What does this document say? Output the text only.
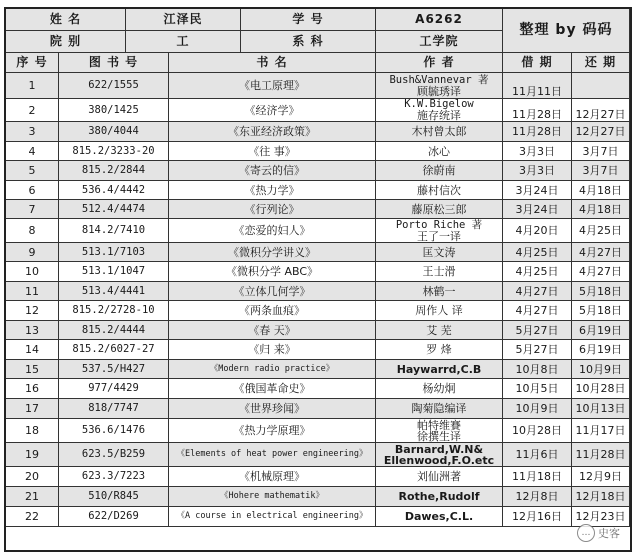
姓 名	江泽民	学 号	A6262
院 别	工	系 科	工学院
整理 by 码码
序 号	图 书 号	书 名	作 者	借 期	还 期
1	622/1555	《电工原理》	Bush&Vannevar 著
顾毓琇译	11月11日
2	380/1425	《经济学》	K.W.Bigelow
施存统译	11月28日	12月27日
3	380/4044	《东亚经济政策》	木村曾太郎	11月28日	12月27日
4	815.2/3233-20	《往 事》	冰心	3月3日	3月7日
5	815.2/2844	《寄云的信》	徐蔚南	3月3日	3月7日
6	536.4/4442	《热力学》	藤村信次	3月24日	4月18日
7	512.4/4474	《行列论》	藤原松三郎	3月24日	4月18日
8	814.2/7410	《恋爱的妇人》	Porto Riche 著
王了一译	4月20日	4月25日
9	513.1/7103	《微积分学讲义》	匡文涛	4月25日	4月27日
10	513.1/1047	《微积分学 ABC》	王士滑	4月25日	4月27日
11	513.4/4441	《立体几何学》	林鹤一	4月27日	5月18日
12	815.2/2728-10	《两条血痕》	周作人 译	4月27日	5月18日
13	815.2/4444	《春 天》	艾 芜	5月27日	6月19日
14	815.2/6027-27	《归 来》	罗 烽	5月27日	6月19日
15	537.5/H427	《Modern radio practice》	Haywarrd,C.B	10月8日	10月9日
16	977/4429	《俄国革命史》	杨幼炯	10月5日	10月28日
17	818/7747	《世界珍闻》	陶菊隐编译	10月9日	10月13日
18	536.6/1476	《热力学原理》	帕特维賽
徐撰生译	10月28日	11月17日
19	623.5/B259	《Elements of heat power engineering》	Barnard,W.N&
Ellenwood,F.O.etc	11月6日	11月28日
20	623.3/7223	《机械原理》	刘仙洲著	11月18日	12月9日
21	510/R845	《Hohere mathematik》	Rothe,Rudolf	12月8日	12月18日
22	622/D269	《A course in electrical engineering》	Dawes,C.L.	12月16日	12月23日
… 史客
